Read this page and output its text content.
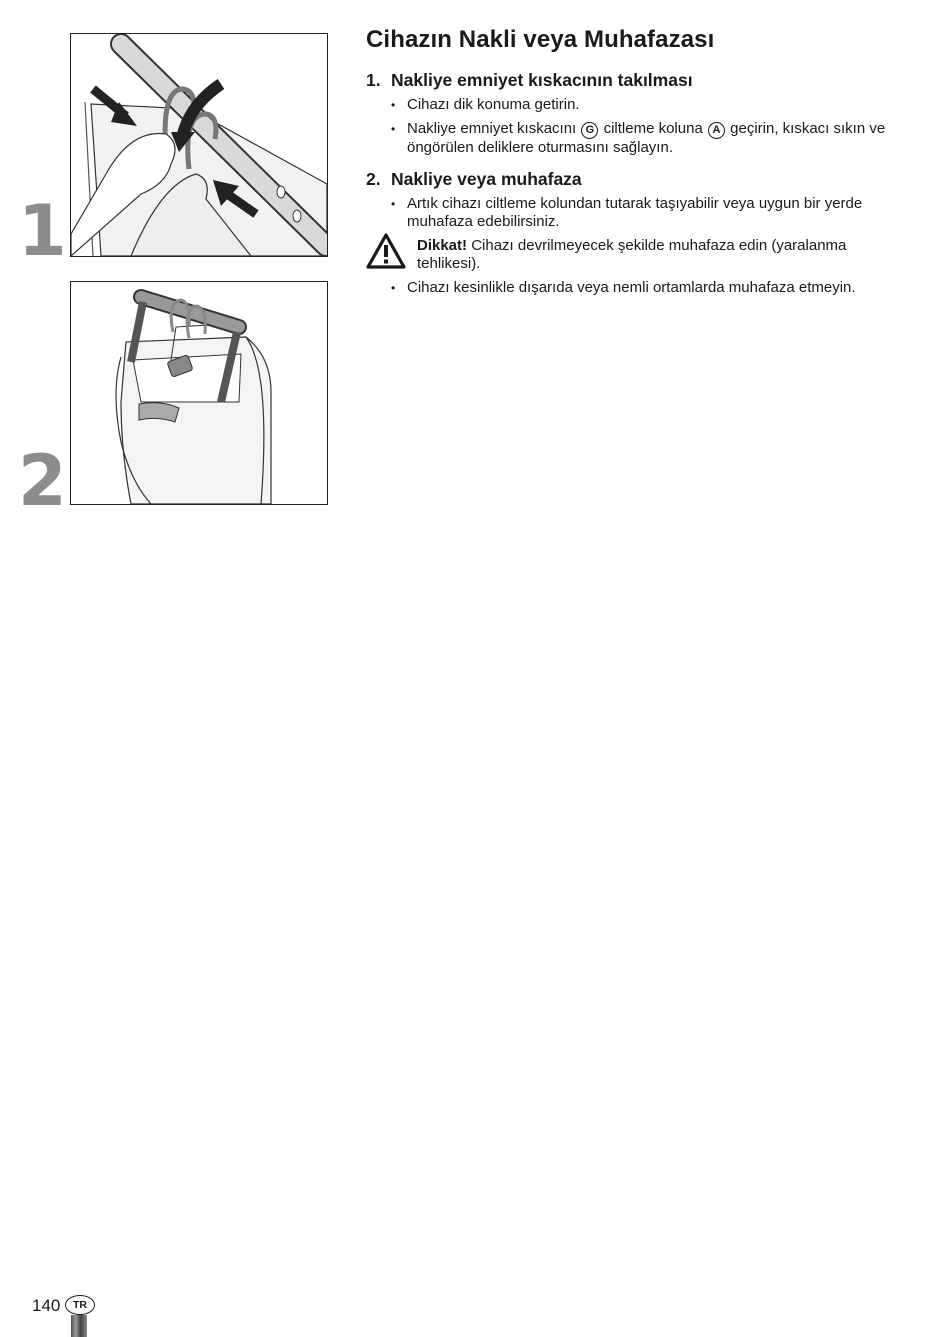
1
2
Cihazın Nakli veya Muhafazası
1. Nakliye emniyet kıskacının takılması
• Cihazı dik konuma getirin.
• Nakliye emniyet kıskacını G ciltleme koluna A geçirin, kıskacı sıkın ve öngörülen deliklere oturmasını sağlayın.
2. Nakliye veya muhafaza
• Artık cihazı ciltleme kolundan tutarak taşıyabilir veya uygun bir yerde muhafaza edebilirsiniz.
Dikkat! Cihazı devrilmeyecek şekilde muhafaza edin (yaralanma tehlikesi).
• Cihazı kesinlikle dışarıda veya nemli ortamlarda muhafaza etmeyin.
140	TR
